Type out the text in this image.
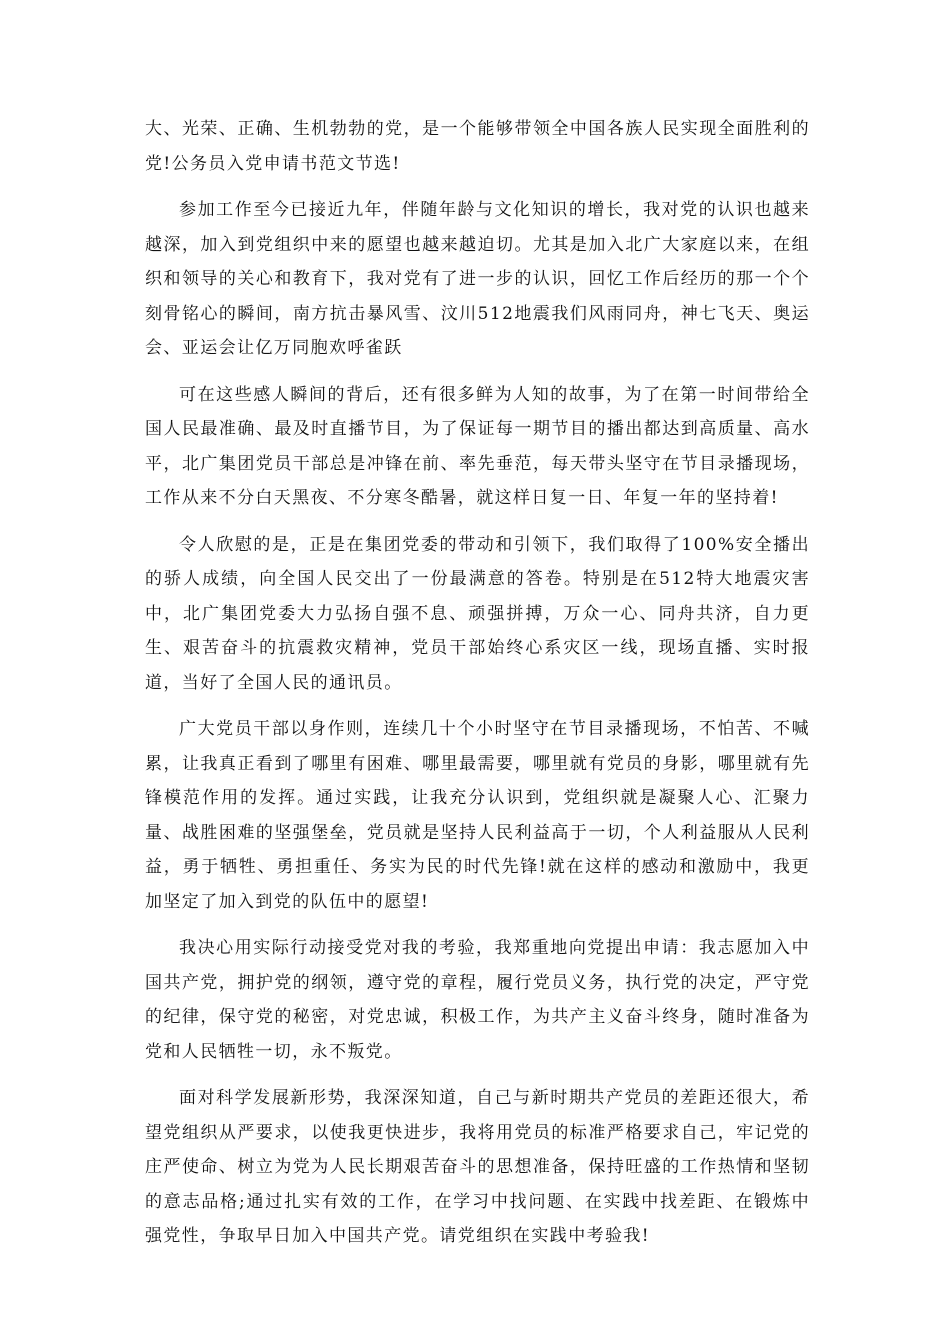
大、光荣、正确、生机勃勃的党，是一个能够带领全中国各族人民实现全面胜利的党!公务员入党申请书范文节选!

参加工作至今已接近九年，伴随年龄与文化知识的增长，我对党的认识也越来越深，加入到党组织中来的愿望也越来越迫切。尤其是加入北广大家庭以来，在组织和领导的关心和教育下，我对党有了进一步的认识，回忆工作后经历的那一个个刻骨铭心的瞬间，南方抗击暴风雪、汶川512地震我们风雨同舟，神七飞天、奥运会、亚运会让亿万同胞欢呼雀跃

可在这些感人瞬间的背后，还有很多鲜为人知的故事，为了在第一时间带给全国人民最准确、最及时直播节目，为了保证每一期节目的播出都达到高质量、高水平，北广集团党员干部总是冲锋在前、率先垂范，每天带头坚守在节目录播现场，工作从来不分白天黑夜、不分寒冬酷暑，就这样日复一日、年复一年的坚持着!

令人欣慰的是，正是在集团党委的带动和引领下，我们取得了100%安全播出的骄人成绩，向全国人民交出了一份最满意的答卷。特别是在512特大地震灾害中，北广集团党委大力弘扬自强不息、顽强拼搏，万众一心、同舟共济，自力更生、艰苦奋斗的抗震救灾精神，党员干部始终心系灾区一线，现场直播、实时报道，当好了全国人民的通讯员。

广大党员干部以身作则，连续几十个小时坚守在节目录播现场，不怕苦、不喊累，让我真正看到了哪里有困难、哪里最需要，哪里就有党员的身影，哪里就有先锋模范作用的发挥。通过实践，让我充分认识到，党组织就是凝聚人心、汇聚力量、战胜困难的坚强堡垒，党员就是坚持人民利益高于一切，个人利益服从人民利益，勇于牺牲、勇担重任、务实为民的时代先锋!就在这样的感动和激励中，我更加坚定了加入到党的队伍中的愿望!

我决心用实际行动接受党对我的考验，我郑重地向党提出申请：我志愿加入中国共产党，拥护党的纲领，遵守党的章程，履行党员义务，执行党的决定，严守党的纪律，保守党的秘密，对党忠诚，积极工作，为共产主义奋斗终身，随时准备为党和人民牺牲一切，永不叛党。

面对科学发展新形势，我深深知道，自己与新时期共产党员的差距还很大，希望党组织从严要求，以使我更快进步，我将用党员的标准严格要求自己，牢记党的庄严使命、树立为党为人民长期艰苦奋斗的思想准备，保持旺盛的工作热情和坚韧的意志品格;通过扎实有效的工作，在学习中找问题、在实践中找差距、在锻炼中强党性，争取早日加入中国共产党。请党组织在实践中考验我!
